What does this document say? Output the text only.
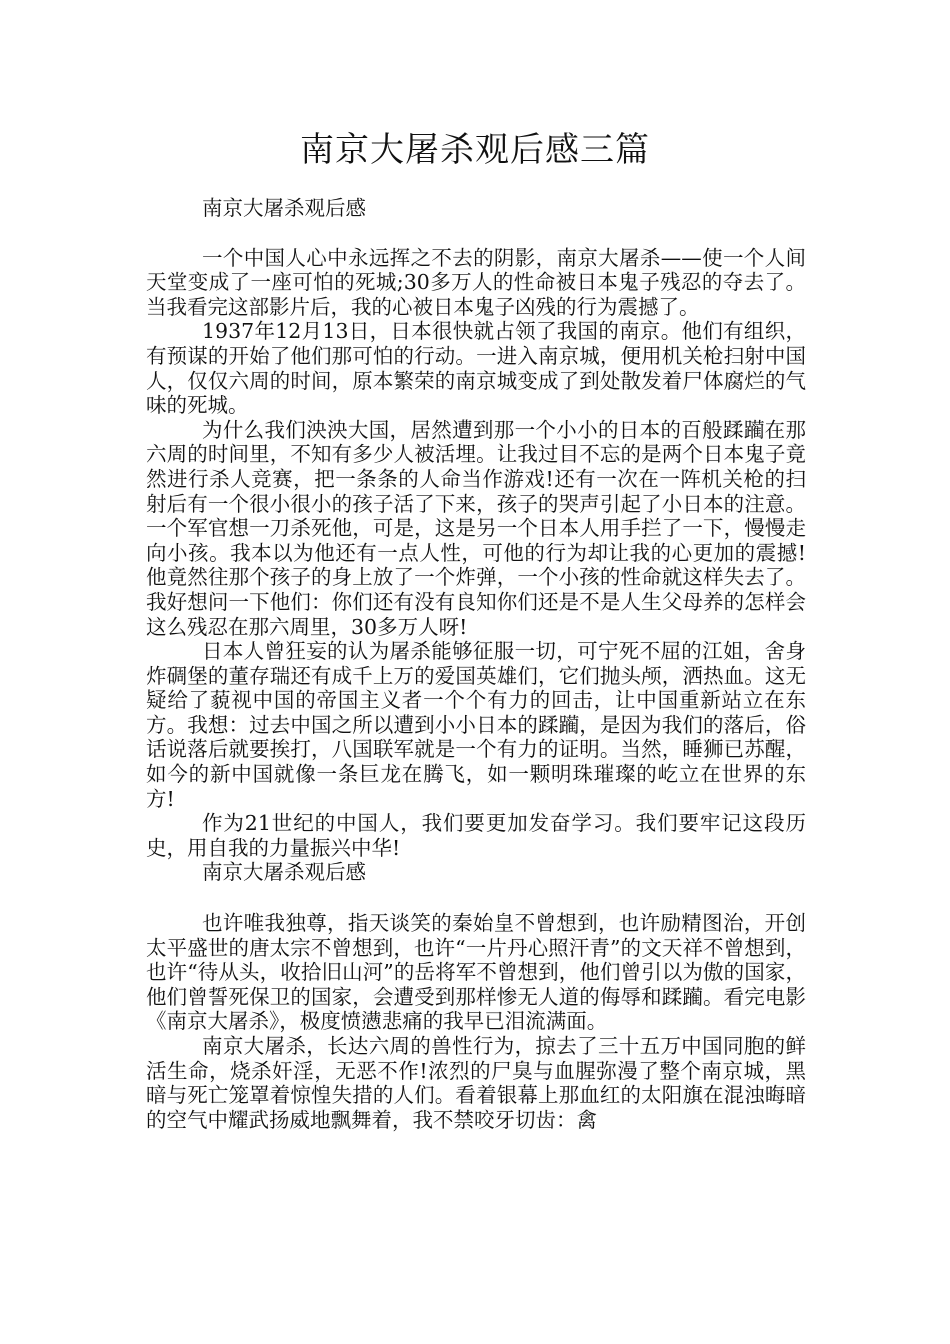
南京大屠杀观后感三篇

南京大屠杀观后感

一个中国人心中永远挥之不去的阴影，南京大屠杀——使一个人间天堂变成了一座可怕的死城;30多万人的性命被日本鬼子残忍的夺去了。当我看完这部影片后，我的心被日本鬼子凶残的行为震撼了。

1937年12月13日，日本很快就占领了我国的南京。他们有组织，有预谋的开始了他们那可怕的行动。一进入南京城，便用机关枪扫射中国人，仅仅六周的时间，原本繁荣的南京城变成了到处散发着尸体腐烂的气味的死城。

为什么我们泱泱大国，居然遭到那一个小小的日本的百般蹂躏在那六周的时间里，不知有多少人被活埋。让我过目不忘的是两个日本鬼子竟然进行杀人竞赛，把一条条的人命当作游戏!还有一次在一阵机关枪的扫射后有一个很小很小的孩子活了下来，孩子的哭声引起了小日本的注意。一个军官想一刀杀死他，可是，这是另一个日本人用手拦了一下，慢慢走向小孩。我本以为他还有一点人性，可他的行为却让我的心更加的震撼!他竟然往那个孩子的身上放了一个炸弹，一个小孩的性命就这样失去了。我好想问一下他们：你们还有没有良知你们还是不是人生父母养的怎样会这么残忍在那六周里，30多万人呀!

日本人曾狂妄的认为屠杀能够征服一切，可宁死不屈的江姐，舍身炸碉堡的董存瑞还有成千上万的爱国英雄们，它们抛头颅，洒热血。这无疑给了藐视中国的帝国主义者一个个有力的回击，让中国重新站立在东方。我想：过去中国之所以遭到小小日本的蹂躏，是因为我们的落后，俗话说落后就要挨打，八国联军就是一个有力的证明。当然，睡狮已苏醒，如今的新中国就像一条巨龙在腾飞，如一颗明珠璀璨的屹立在世界的东方!

作为21世纪的中国人，我们要更加发奋学习。我们要牢记这段历史，用自我的力量振兴中华!

南京大屠杀观后感

也许唯我独尊，指天谈笑的秦始皇不曾想到，也许励精图治，开创太平盛世的唐太宗不曾想到，也许“一片丹心照汗青”的文天祥不曾想到，也许“待从头，收拾旧山河”的岳将军不曾想到，他们曾引以为傲的国家，他们曾誓死保卫的国家，会遭受到那样惨无人道的侮辱和蹂躏。看完电影《南京大屠杀》，极度愤懑悲痛的我早已泪流满面。

南京大屠杀，长达六周的兽性行为，掠去了三十五万中国同胞的鲜活生命，烧杀奸淫，无恶不作!浓烈的尸臭与血腥弥漫了整个南京城，黑暗与死亡笼罩着惊惶失措的人们。看着银幕上那血红的太阳旗在混浊晦暗的空气中耀武扬威地飘舞着，我不禁咬牙切齿：禽
